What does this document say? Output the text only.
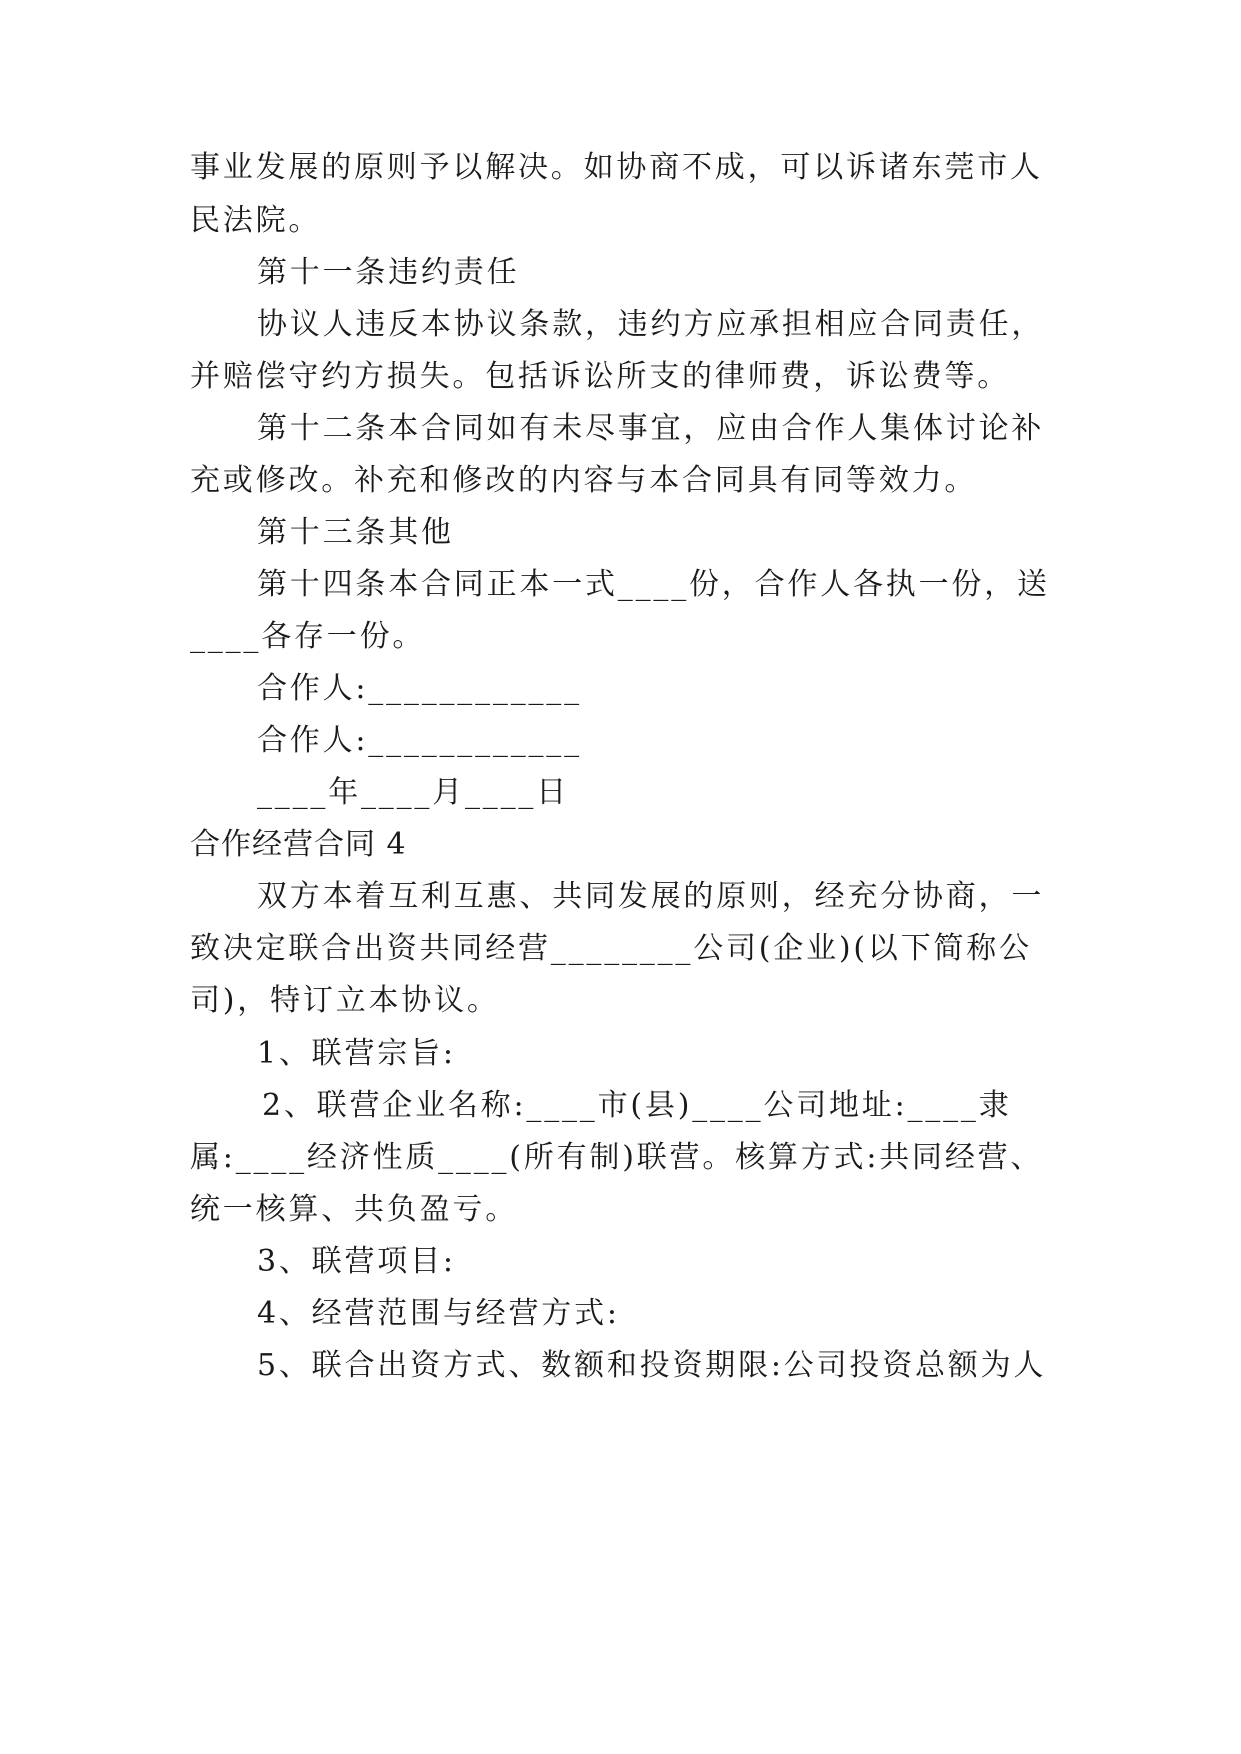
事业发展的原则予以解决。如协商不成，可以诉诸东莞市人

民法院。

第十一条违约责任

协议人违反本协议条款，违约方应承担相应合同责任，

并赔偿守约方损失。包括诉讼所支的律师费，诉讼费等。

第十二条本合同如有未尽事宜，应由合作人集体讨论补

充或修改。补充和修改的内容与本合同具有同等效力。

第十三条其他

第十四条本合同正本一式____份，合作人各执一份，送

____各存一份。

合作人:____________

合作人:____________

____年____月____日

合作经营合同 4

双方本着互利互惠、共同发展的原则，经充分协商，一

致决定联合出资共同经营________公司(企业)(以下简称公

司)，特订立本协议。

1、联营宗旨:

2、联营企业名称:____市(县)____公司地址:____隶

属:____经济性质____(所有制)联营。核算方式:共同经营、

统一核算、共负盈亏。

3、联营项目:

4、经营范围与经营方式:

5、联合出资方式、数额和投资期限:公司投资总额为人
